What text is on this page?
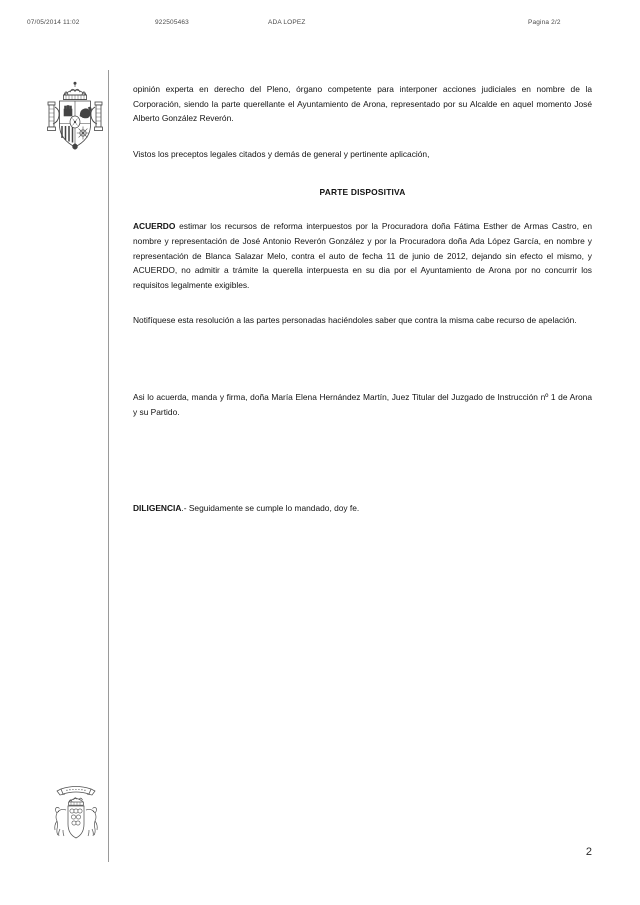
07/05/2014 11:02	922505463	ADA LOPEZ	Pagina 2/2

opinión experta en derecho del Pleno, órgano competente para interponer acciones judiciales en nombre de la Corporación, siendo la parte querellante el Ayuntamiento de Arona, representado por su Alcalde en aquel momento José Alberto González Reverón.

Vistos los preceptos legales citados y demás de general y pertinente aplicación,

PARTE DISPOSITIVA

ACUERDO estimar los recursos de reforma interpuestos por la Procuradora doña Fátima Esther de Armas Castro, en nombre y representación de José Antonio Reverón González y por la Procuradora doña Ada López García, en nombre y representación de Blanca Salazar Melo, contra el auto de fecha 11 de junio de 2012, dejando sin efecto el mismo, y ACUERDO, no admitir a trámite la querella interpuesta en su dia por el Ayuntamiento de Arona por no concurrir los requisitos legalmente exigibles.

Notifíquese esta resolución a las partes personadas haciéndoles saber que contra la misma cabe recurso de apelación.

Asi lo acuerda, manda y firma, doña María Elena Hernández Martín, Juez Titular del Juzgado de Instrucción nº 1 de Arona y su Partido.

DILIGENCIA.- Seguidamente se cumple lo mandado, doy fe.

2
